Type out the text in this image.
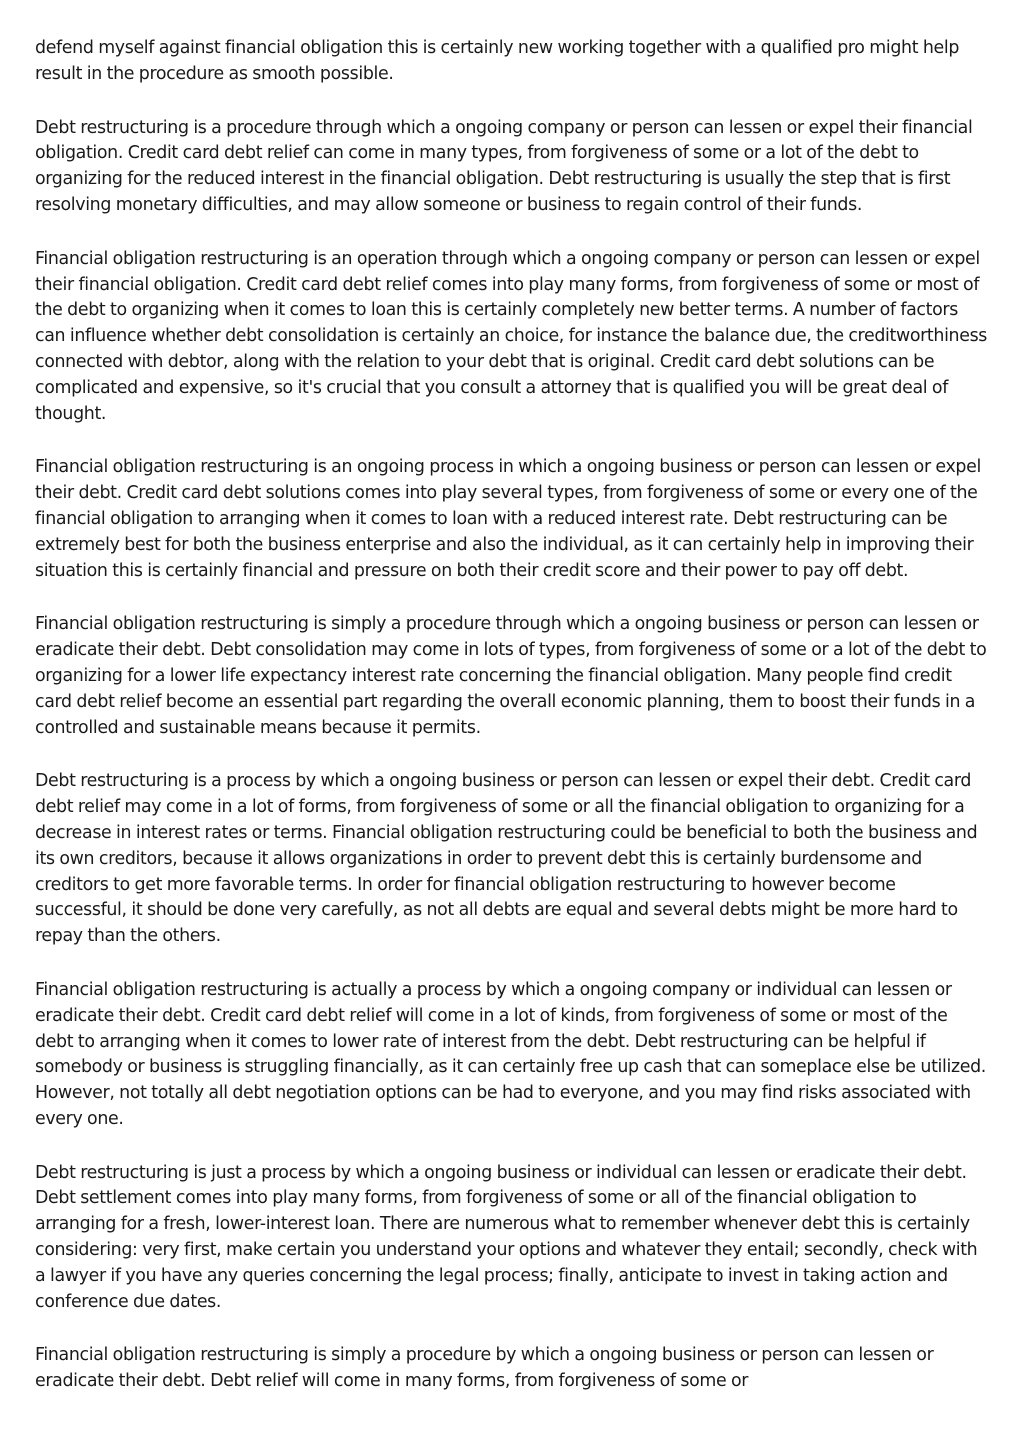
defend myself against financial obligation this is certainly new working together with a qualified pro might help result in the procedure as smooth possible.

Debt restructuring is a procedure through which a ongoing company or person can lessen or expel their financial obligation. Credit card debt relief can come in many types, from forgiveness of some or a lot of the debt to organizing for the reduced interest in the financial obligation. Debt restructuring is usually the step that is first resolving monetary difficulties, and may allow someone or business to regain control of their funds.

Financial obligation restructuring is an operation through which a ongoing company or person can lessen or expel their financial obligation. Credit card debt relief comes into play many forms, from forgiveness of some or most of the debt to organizing when it comes to loan this is certainly completely new better terms. A number of factors can influence whether debt consolidation is certainly an choice, for instance the balance due, the creditworthiness connected with debtor, along with the relation to your debt that is original. Credit card debt solutions can be complicated and expensive, so it's crucial that you consult a attorney that is qualified you will be great deal of thought.

Financial obligation restructuring is an ongoing process in which a ongoing business or person can lessen or expel their debt. Credit card debt solutions comes into play several types, from forgiveness of some or every one of the financial obligation to arranging when it comes to loan with a reduced interest rate. Debt restructuring can be extremely best for both the business enterprise and also the individual, as it can certainly help in improving their situation this is certainly financial and pressure on both their credit score and their power to pay off debt.

Financial obligation restructuring is simply a procedure through which a ongoing business or person can lessen or eradicate their debt. Debt consolidation may come in lots of types, from forgiveness of some or a lot of the debt to organizing for a lower life expectancy interest rate concerning the financial obligation. Many people find credit card debt relief become an essential part regarding the overall economic planning, them to boost their funds in a controlled and sustainable means because it permits.

Debt restructuring is a process by which a ongoing business or person can lessen or expel their debt. Credit card debt relief may come in a lot of forms, from forgiveness of some or all the financial obligation to organizing for a decrease in interest rates or terms. Financial obligation restructuring could be beneficial to both the business and its own creditors, because it allows organizations in order to prevent debt this is certainly burdensome and creditors to get more favorable terms. In order for financial obligation restructuring to however become successful, it should be done very carefully, as not all debts are equal and several debts might be more hard to repay than the others.

Financial obligation restructuring is actually a process by which a ongoing company or individual can lessen or eradicate their debt. Credit card debt relief will come in a lot of kinds, from forgiveness of some or most of the debt to arranging when it comes to lower rate of interest from the debt. Debt restructuring can be helpful if somebody or business is struggling financially, as it can certainly free up cash that can someplace else be utilized. However, not totally all debt negotiation options can be had to everyone, and you may find risks associated with every one.

Debt restructuring is just a process by which a ongoing business or individual can lessen or eradicate their debt. Debt settlement comes into play many forms, from forgiveness of some or all of the financial obligation to arranging for a fresh, lower-interest loan. There are numerous what to remember whenever debt this is certainly considering: very first, make certain you understand your options and whatever they entail; secondly, check with a lawyer if you have any queries concerning the legal process; finally, anticipate to invest in taking action and conference due dates.

Financial obligation restructuring is simply a procedure by which a ongoing business or person can lessen or eradicate their debt. Debt relief will come in many forms, from forgiveness of some or
